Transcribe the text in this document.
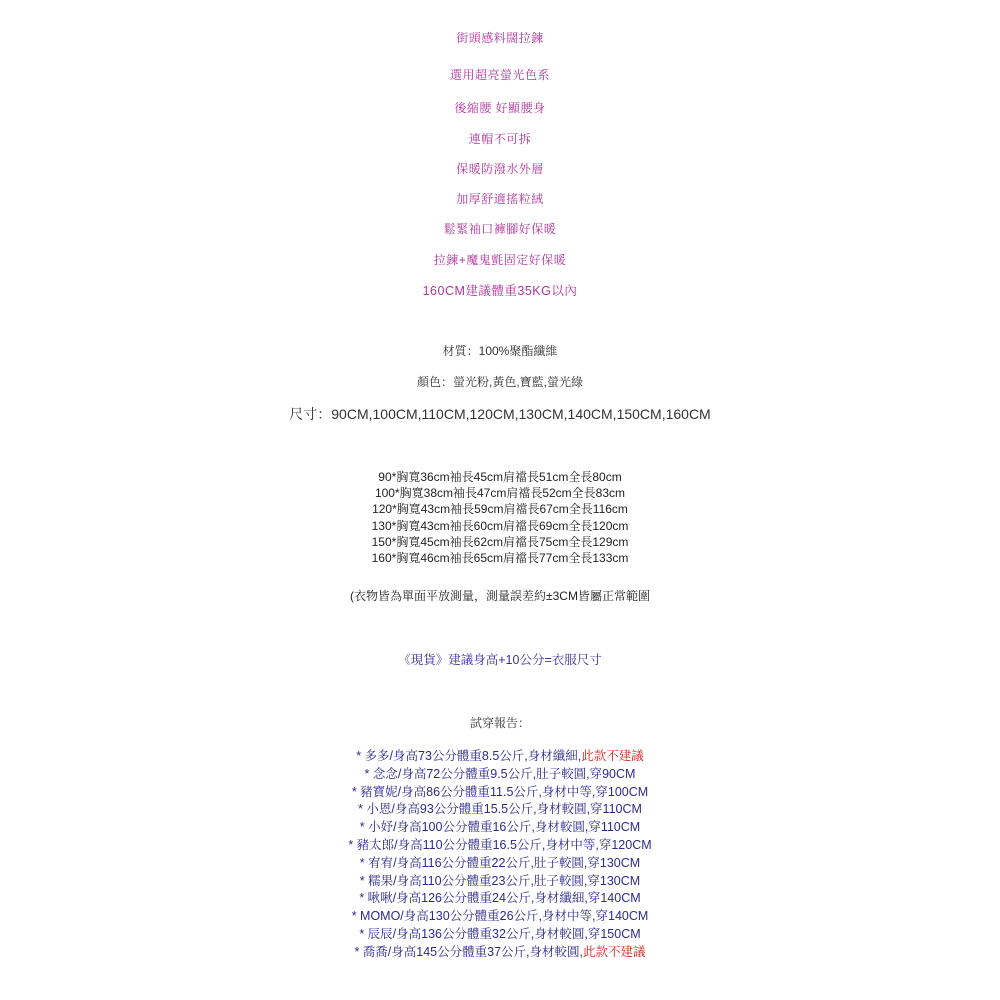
街頭感料闊拉鍊
選用超亮螢光色系
後縮腰 好顯腰身
連帽不可拆
保暖防潑水外層
加厚舒適搖粒絨
鬆緊袖口褲腳好保暖
拉鍊+魔鬼氈固定好保暖
160CM建議體重35KG以內
材質：100%聚酯纖維
顏色：螢光粉,黃色,寶藍,螢光綠
尺寸：90CM,100CM,110CM,120CM,130CM,140CM,150CM,160CM
90*胸寬36cm袖長45cm肩襠長51cm全長80cm
100*胸寬38cm袖長47cm肩襠長52cm全長83cm
120*胸寬43cm袖長59cm肩襠長67cm全長116cm
130*胸寬43cm袖長60cm肩襠長69cm全長120cm
150*胸寬45cm袖長62cm肩襠長75cm全長129cm
160*胸寬46cm袖長65cm肩襠長77cm全長133cm
(衣物皆為單面平放測量，測量誤差約±3CM皆屬正常範圍
《現貨》建議身高+10公分=衣服尺寸
試穿報告：
* 多多/身高73公分體重8.5公斤,身材纖細,此款不建議
* 念念/身高72公分體重9.5公斤,肚子較圓,穿90CM
* 豬寶妮/身高86公分體重11.5公斤,身材中等,穿100CM
* 小恩/身高93公分體重15.5公斤,身材較圓,穿110CM
* 小妤/身高100公分體重16公斤,身材較圓,穿110CM
* 豬太郎/身高110公分體重16.5公斤,身材中等,穿120CM
* 宥宥/身高116公分體重22公斤,肚子較圓,穿130CM
* 糯果/身高110公分體重23公斤,肚子較圓,穿130CM
* 啾啾/身高126公分體重24公斤,身材纖細,穿140CM
* MOMO/身高130公分體重26公斤,身材中等,穿140CM
* 辰辰/身高136公分體重32公斤,身材較圓,穿150CM
* 喬喬/身高145公分體重37公斤,身材較圓,此款不建議
